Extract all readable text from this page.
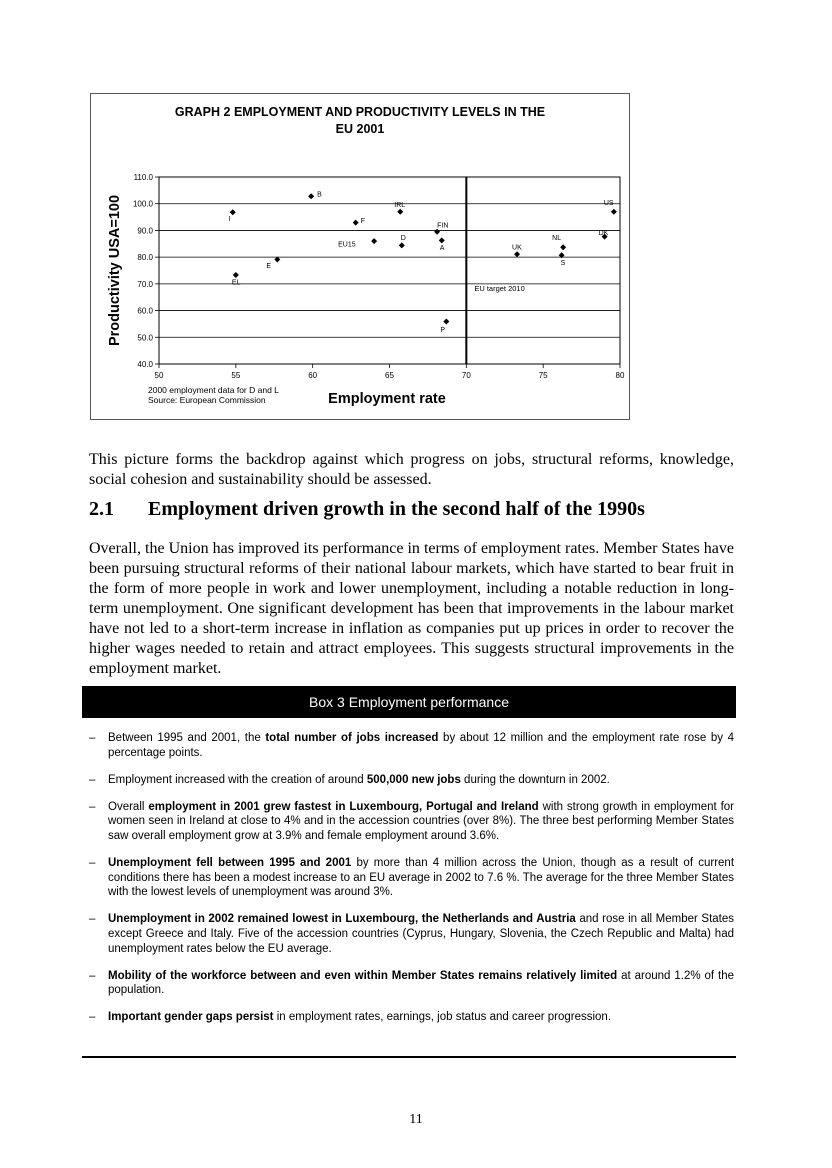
GRAPH 2 EMPLOYMENT AND PRODUCTIVITY LEVELS IN THE
EU 2001
40.0
50.0
60.0
70.0
80.0
90.0
100.0
110.0
50	55	60	65	70	75	80
EU target 2010
Employment rate
Productivity USA=100	B
I
IRL
F
EU15
D
FIN
A
US
DK
NL
UK
S
E
EL
P
2000 employment data for D and L
Source: European Commission

This picture forms the backdrop against which progress on jobs, structural reforms, knowledge, social cohesion and sustainability should be assessed.

2.1 Employment driven growth in the second half of the 1990s

Overall, the Union has improved its performance in terms of employment rates. Member States have been pursuing structural reforms of their national labour markets, which have started to bear fruit in the form of more people in work and lower unemployment, including a notable reduction in long-term unemployment. One significant development has been that improvements in the labour market have not led to a short-term increase in inflation as companies put up prices in order to recover the higher wages needed to retain and attract employees. This suggests structural improvements in the employment market.

Box 3 Employment performance
– Between 1995 and 2001, the total number of jobs increased by about 12 million and the employment rate rose by 4 percentage points.
– Employment increased with the creation of around 500,000 new jobs during the downturn in 2002.
– Overall employment in 2001 grew fastest in Luxembourg, Portugal and Ireland with strong growth in employment for women seen in Ireland at close to 4% and in the accession countries (over 8%). The three best performing Member States saw overall employment grow at 3.9% and female employment around 3.6%.
– Unemployment fell between 1995 and 2001 by more than 4 million across the Union, though as a result of current conditions there has been a modest increase to an EU average in 2002 to 7.6 %. The average for the three Member States with the lowest levels of unemployment was around 3%.
– Unemployment in 2002 remained lowest in Luxembourg, the Netherlands and Austria and rose in all Member States except Greece and Italy. Five of the accession countries (Cyprus, Hungary, Slovenia, the Czech Republic and Malta) had unemployment rates below the EU average.
– Mobility of the workforce between and even within Member States remains relatively limited at around 1.2% of the population.
– Important gender gaps persist in employment rates, earnings, job status and career progression.
11
